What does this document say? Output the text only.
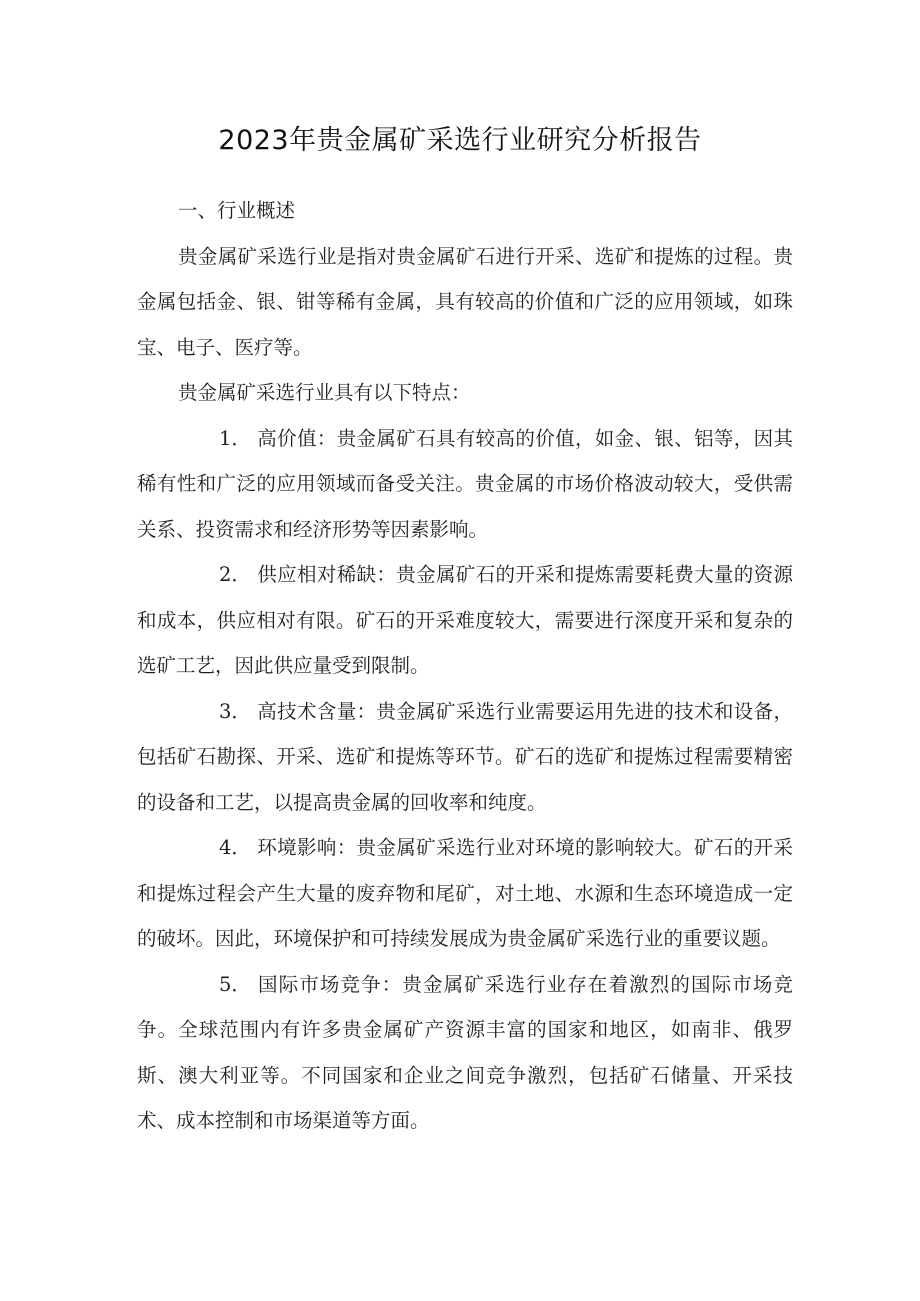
2023年贵金属矿采选行业研究分析报告

一、行业概述

贵金属矿采选行业是指对贵金属矿石进行开采、选矿和提炼的过程。贵金属包括金、银、钳等稀有金属，具有较高的价值和广泛的应用领域，如珠宝、电子、医疗等。

贵金属矿采选行业具有以下特点：

1． 高价值：贵金属矿石具有较高的价值，如金、银、铝等，因其稀有性和广泛的应用领域而备受关注。贵金属的市场价格波动较大，受供需关系、投资需求和经济形势等因素影响。

2． 供应相对稀缺：贵金属矿石的开采和提炼需要耗费大量的资源和成本，供应相对有限。矿石的开采难度较大，需要进行深度开采和复杂的选矿工艺，因此供应量受到限制。

3． 高技术含量：贵金属矿采选行业需要运用先进的技术和设备，包括矿石勘探、开采、选矿和提炼等环节。矿石的选矿和提炼过程需要精密的设备和工艺，以提高贵金属的回收率和纯度。

4． 环境影响：贵金属矿采选行业对环境的影响较大。矿石的开采和提炼过程会产生大量的废弃物和尾矿，对土地、水源和生态环境造成一定的破坏。因此，环境保护和可持续发展成为贵金属矿采选行业的重要议题。

5． 国际市场竞争：贵金属矿采选行业存在着激烈的国际市场竞争。全球范围内有许多贵金属矿产资源丰富的国家和地区，如南非、俄罗斯、澳大利亚等。不同国家和企业之间竞争激烈，包括矿石储量、开采技术、成本控制和市场渠道等方面。
